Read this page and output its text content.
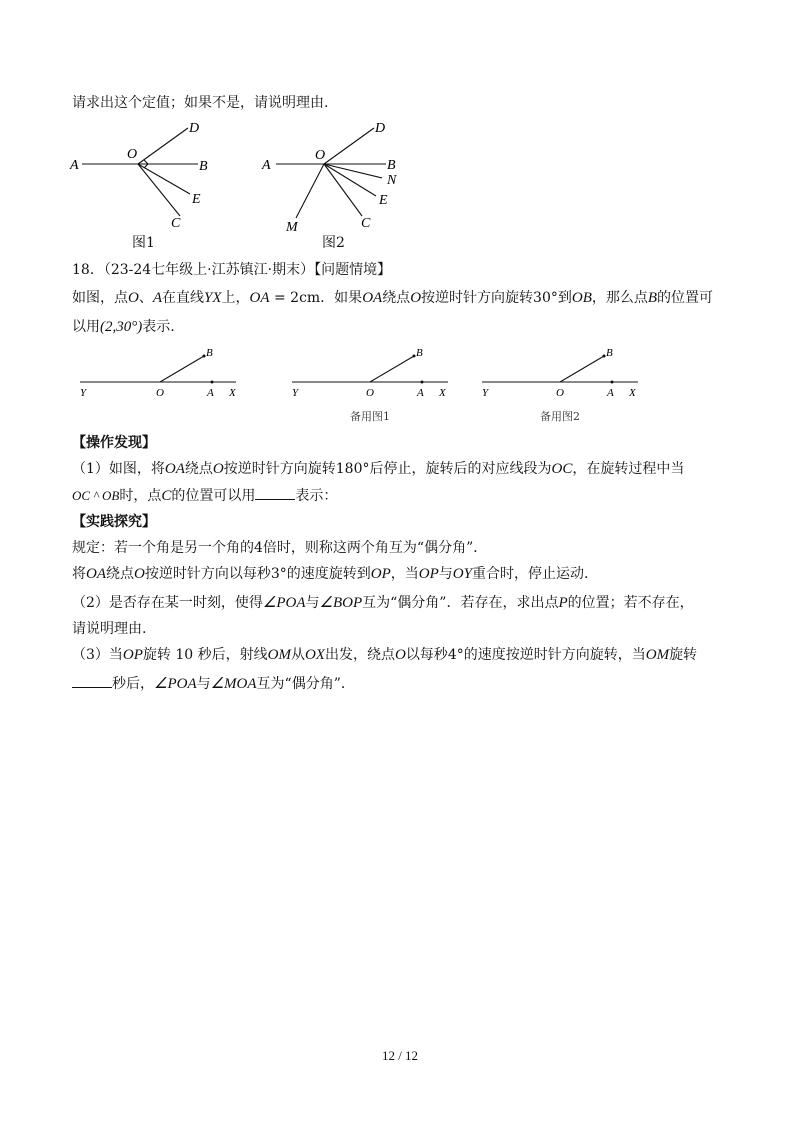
请求出这个定值；如果不是，请说明理由.
A
O
B
D
E
C
图1
A
O
B
D
N
E
C
M
图2
18．（23-24七年级上·江苏镇江·期末）【问题情境】
如图，点O、A在直线YX上，OA = 2cm．如果OA绕点O按逆时针方向旋转30°到OB，那么点B的位置可
以用(2,30°)表示.
Y	O	A X
B
Y	O	A X
B
备用图1
Y	O	A X
B
备用图2
【操作发现】
（1）如图，将OA绕点O按逆时针方向旋转180°后停止，旋转后的对应线段为OC，在旋转过程中当
OC ^ OB时，点C的位置可以用	表示：
【实践探究】
规定：若一个角是另一个角的4倍时，则称这两个角互为“偶分角”．
将OA绕点O按逆时针方向以每秒3°的速度旋转到OP，当OP与OY重合时，停止运动.
（2）是否存在某一时刻，使得∠POA与∠BOP互为“偶分角”．若存在，求出点P的位置；若不存在，
请说明理由.
（3）当OP旋转 10 秒后，射线OM从OX出发，绕点O以每秒4°的速度按逆时针方向旋转，当OM旋转
秒后，∠POA与∠MOA互为“偶分角”．
12 / 12
